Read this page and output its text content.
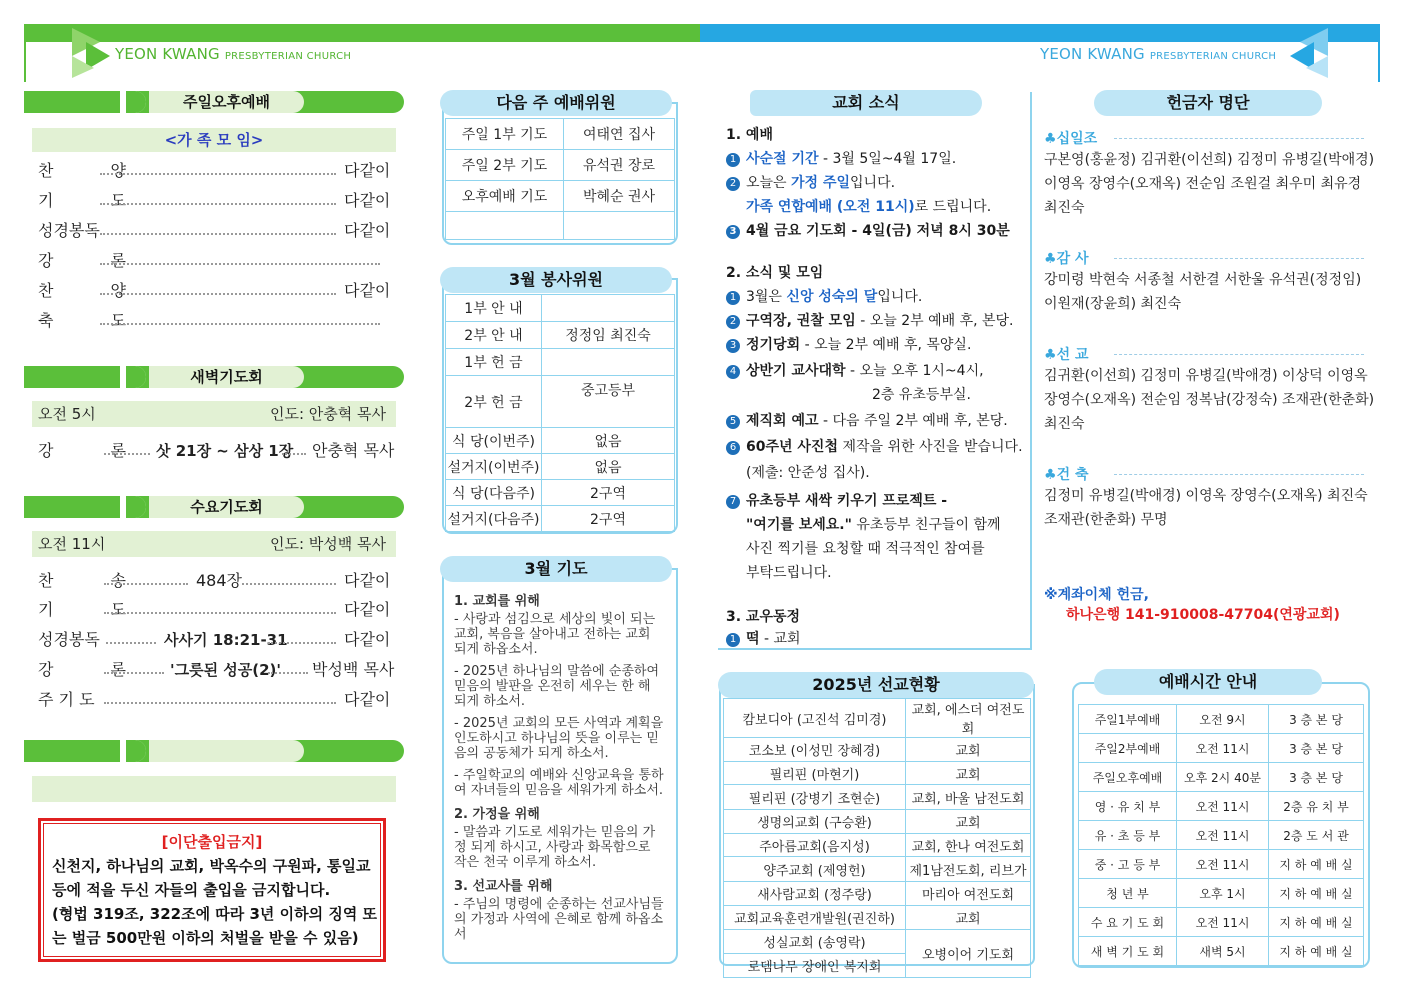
YEON KWANG PRESBYTERIAN CHURCH	YEON KWANG PRESBYTERIAN CHURCH
주일오후예배
<가 족 모 임>
찬 양	다같이
기 도	다같이
성경봉독	다같이
강 론
찬 양	다같이
축 도
새벽기도회
오전 5시	인도: 안충혁 목사
강 론 삿 21장 ~ 삼상 1장 안충혁 목사
수요기도회
오전 11시	인도: 박성백 목사
찬 송	484장	다같이
기 도	다같이
성경봉독	사사기 18:21-31	다같이
강 론 '그릇된 성공(2)' 박성백 목사
주 기 도	다같이
[이단출입금지]
신천지, 하나님의 교회, 박옥수의 구원파, 통일교
등에 적을 두신 자들의 출입을 금지합니다.
(형법 319조, 322조에 따라 3년 이하의 징역 또
는 벌금 500만원 이하의 처벌을 받을 수 있음)
주일 1부 기도	여태연 집사
주일 2부 기도	유석권 장로
오후예배 기도	박혜순 권사

다음 주 예배위원
1부 안 내	
2부 안 내	정정임 최진숙
1부 헌 금	
2부 헌 금	중고등부
식 당(이번주)	없음
설거지(이번주)	없음
식 당(다음주)	2구역
설거지(다음주)	2구역
3월 봉사위원
1. 교회를 위해
- 사랑과 섬김으로 세상의 빛이 되는 교회, 복음을 살아내고 전하는 교회 되게 하옵소서.
- 2025년 하나님의 말씀에 순종하여 믿음의 발판을 온전히 세우는 한 해 되게 하소서.
- 2025년 교회의 모든 사역과 계획을 인도하시고 하나님의 뜻을 이루는 믿음의 공동체가 되게 하소서.
- 주일학교의 예배와 신앙교육을 통하여 자녀들의 믿음을 세워가게 하소서.
2. 가정을 위해
- 말씀과 기도로 세워가는 믿음의 가정 되게 하시고, 사랑과 화목함으로 작은 천국 이루게 하소서.
3. 선교사를 위해
- 주님의 명령에 순종하는 선교사님들의 가정과 사역에 은혜로 함께 하옵소서
3월 기도
교회 소식
1. 예배
1 사순절 기간 - 3월 5일~4월 17일.
2 오늘은 가정 주일입니다.
가족 연합예배 (오전 11시)로 드립니다.
3 4월 금요 기도회 - 4일(금) 저녁 8시 30분
2. 소식 및 모임
1 3월은 신앙 성숙의 달입니다.
2 구역장, 권찰 모임 - 오늘 2부 예배 후, 본당.
3 정기당회 - 오늘 2부 예배 후, 목양실.
4 상반기 교사대학 - 오늘 오후 1시~4시,
2층 유초등부실.
5 제직회 예고 - 다음 주일 2부 예배 후, 본당.
6 60주년 사진첩 제작을 위한 사진을 받습니다.
(제출: 안준성 집사).
7 유초등부 새싹 키우기 프로젝트 -
"여기를 보세요." 유초등부 친구들이 함께
사진 찍기를 요청할 때 적극적인 참여를
부탁드립니다.
3. 교우동정
1 떡 - 교회
캄보디아 (고진석 김미경)	교회, 에스더 여전도회
코소보 (이성민 장혜경)	교회
필리핀 (마현기)	교회
필리핀 (강병기 조현순)	교회, 바울 남전도회
생명의교회 (구승환)	교회
주아름교회(음지성)	교회, 한나 여전도회
양주교회 (제영헌)	제1남전도회, 리브가
새사람교회 (정주랑)	마리아 여전도회
교회교육훈련개발원(권진하)	교회
성실교회 (송영락)	오병이어 기도회
로뎀나무 장애인 복지회	
2025년 선교현황
헌금자 명단
♣십일조
구본영(홍윤정) 김귀환(이선희) 김정미 유병길(박애경)
이영옥 장영수(오재옥) 전순임 조원걸 최우미 최유경
최진숙
♣감 사
강미령 박현숙 서종철 서한결 서한울 유석권(정정임)
이원재(장윤희) 최진숙
♣선 교
김귀환(이선희) 김정미 유병길(박애경) 이상덕 이영옥
장영수(오재옥) 전순임 정복남(강정숙) 조재관(한춘화)
최진숙
♣건 축
김정미 유병길(박애경) 이영옥 장영수(오재옥) 최진숙
조재관(한춘화) 무명
※계좌이체 헌금,
하나은행 141-910008-47704(연광교회)
주일1부예배	오전 9시	3 층 본 당
주일2부예배	오전 11시	3 층 본 당
주일오후예배	오후 2시 40분	3 층 본 당
영 · 유 치 부	오전 11시	2층 유 치 부
유 · 초 등 부	오전 11시	2층 도 서 관
중 · 고 등 부	오전 11시	지 하 예 배 실
청 년 부	오후 1시	지 하 예 배 실
수 요 기 도 회	오전 11시	지 하 예 배 실
새 벽 기 도 회	새벽 5시	지 하 예 배 실
예배시간 안내
